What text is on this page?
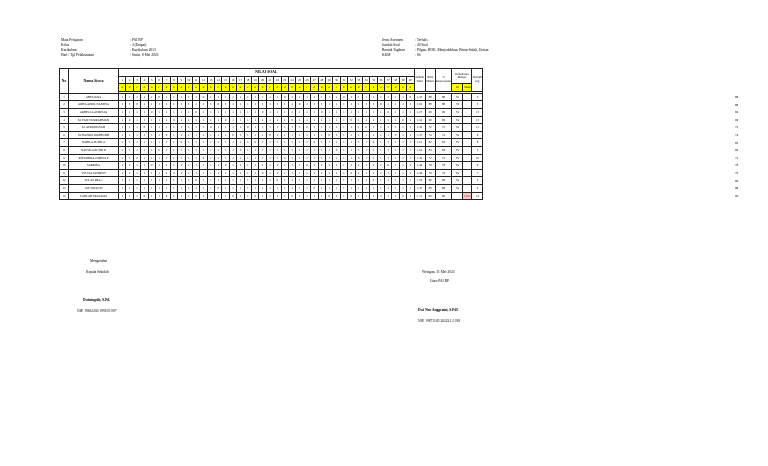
Mata Pelajaran	: PAI BP
Kelas	: 4 (Empat)
Kurikulum	: Kurikulum 2013
Hari / Tgl Pelaksanaan	: Senin, 8 Mei 2023
Jenis Asesmen	: Tertulis
Jumlah Soal	: 40 Soal
Bentuk Tagihan	: Pilgan, HOK, Menjodohkan, Benar-Salah, Uraian
KKM	: 66
No	Nama Siswa	NILAI SOAL																																								Jumlah Nilai	Nilai Murni	% Ketercapaian	Ketuntasan Belajar		Remidi ing
		1	2	3	4	5	6	7	8	9	10	11	12	13	14	15	16	17	18	19	20	21	22	23	24	25	26	27	28	29	30	31	32	33	34	35	36	37	38	39	40						
		a	d	c	b	a	c	d	b	a	c	a	d	b	c	a	b	d	c	a	b	c	a	d	b	a	c	b	d	a	c	b	a	d	c	b	a	c	d	b	a				Ya	Tidak	

1	ABELIANA	1	1	1	1	1	0	1	1	1	1	1	0	1	1	1	1	1	1	1	1	1	1	0	1	1	1	1	1	1	1	0	1	1	1	1	1	1	1	1	0	1.47	88	88	Ya		5
2	ADHA APRIL NANDYA	1	1	0	1	1	1	1	1	1	1	1	1	1	0	1	1	1	1	1	1	1	1	1	1	0	1	1	1	1	1	1	1	1	1	1	0	1	1	1	1	1.61	88	88	Ya		5
3	ARBELLA AURELIA	1	1	1	1	0	1	1	1	1	1	0	1	1	1	1	1	1	1	1	0	1	1	1	1	1	1	1	0	1	1	1	1	1	1	1	1	0	1	1	1	1.27	69	69	Ya		13
4	M. FAIZ NURRAHMAN	1	0	1	1	1	1	1	0	1	1	1	1	1	1	0	1	1	1	1	1	1	1	1	0	1	1	1	1	1	1	1	0	1	1	1	1	1	1	0	1	1.22	69	69	Ya		13
5	M. AFRIANSYAH	1	1	1	0	1	1	1	1	1	1	1	1	0	1	1	1	1	0	1	1	1	1	1	1	1	0	1	1	1	1	1	1	1	0	1	1	1	1	1	1	1.32	72	72	Ya		11
6	M. HAFIDZ MAHFUDH	1	1	1	1	1	1	0	1	1	1	1	1	1	1	1	0	1	1	1	1	0	1	1	1	1	1	1	1	0	1	1	1	1	1	1	1	1	0	1	1	1.37	74	74	Ya		9
7	NABILA PUTRI A	1	1	1	1	1	1	1	1	0	1	1	1	1	1	1	1	1	1	0	1	1	1	1	1	1	1	0	1	1	1	1	1	1	1	0	1	1	1	1	1	1.51	82	82	Ya		8
8	NAYSILA PUTRI R	1	1	1	1	1	0	1	1	1	1	1	1	1	1	1	1	0	1	1	1	1	1	1	1	1	1	1	1	1	0	1	1	1	1	1	1	1	1	1	1	1.54	84	84	Ya		5
9	RISYABIRA ZAHIYA P	1	1	0	1	1	1	1	1	1	1	1	0	1	1	1	1	1	1	1	1	1	1	0	1	1	1	1	1	1	1	1	1	0	1	1	1	1	1	1	1	1.32	72	72	Ya		10
10	SABRINA	1	1	1	1	0	1	1	1	1	1	1	1	1	1	0	1	1	1	1	1	1	1	1	1	1	0	1	1	1	1	1	1	1	1	1	1	0	1	1	1	1.44	78	78	Ya		9
11	SYLVIA TAHIRI H	1	1	1	1	1	1	1	0	1	1	1	1	1	1	1	1	1	1	1	0	1	1	1	1	1	1	1	1	1	1	1	0	1	1	1	1	1	1	1	1	1.46	79	79	Ya		7
12	SULAS PRA J	1	1	1	1	1	1	1	1	1	1	0	1	1	1	1	1	1	1	1	1	1	0	1	1	1	1	1	1	1	1	1	1	1	1	0	1	1	1	1	1	1.59	86	86	Ya		5
13	JAY ZIDAN H	1	1	1	1	1	1	1	1	1	1	1	1	1	0	1	1	1	1	1	1	1	1	1	1	1	1	0	1	1	1	1	1	1	1	1	1	1	1	1	1	1.47	88	88	Ya		4
14	ZAHLAH PRATAMA	1	1	1	0	1	1	0	1	1	1	0	1	1	1	1	0	1	1	0	1	1	1	1	0	1	1	1	1	0	1	1	0	1	1	1	0	1	1	0	1	1.11	60	60		Tidak	14
88
88
69
69
72
74
82
84
72
78
79
86
88
60
Mengetahui
Kepala Sekolah
Dwiningsih, S.Pd.
NIP. 19661204 199103 007
Wringan, 31 Mei 2023
Guru PAI BP
Dwi Nur Anggraini, S.PdI
NIP. 19871105 202221 2 018
